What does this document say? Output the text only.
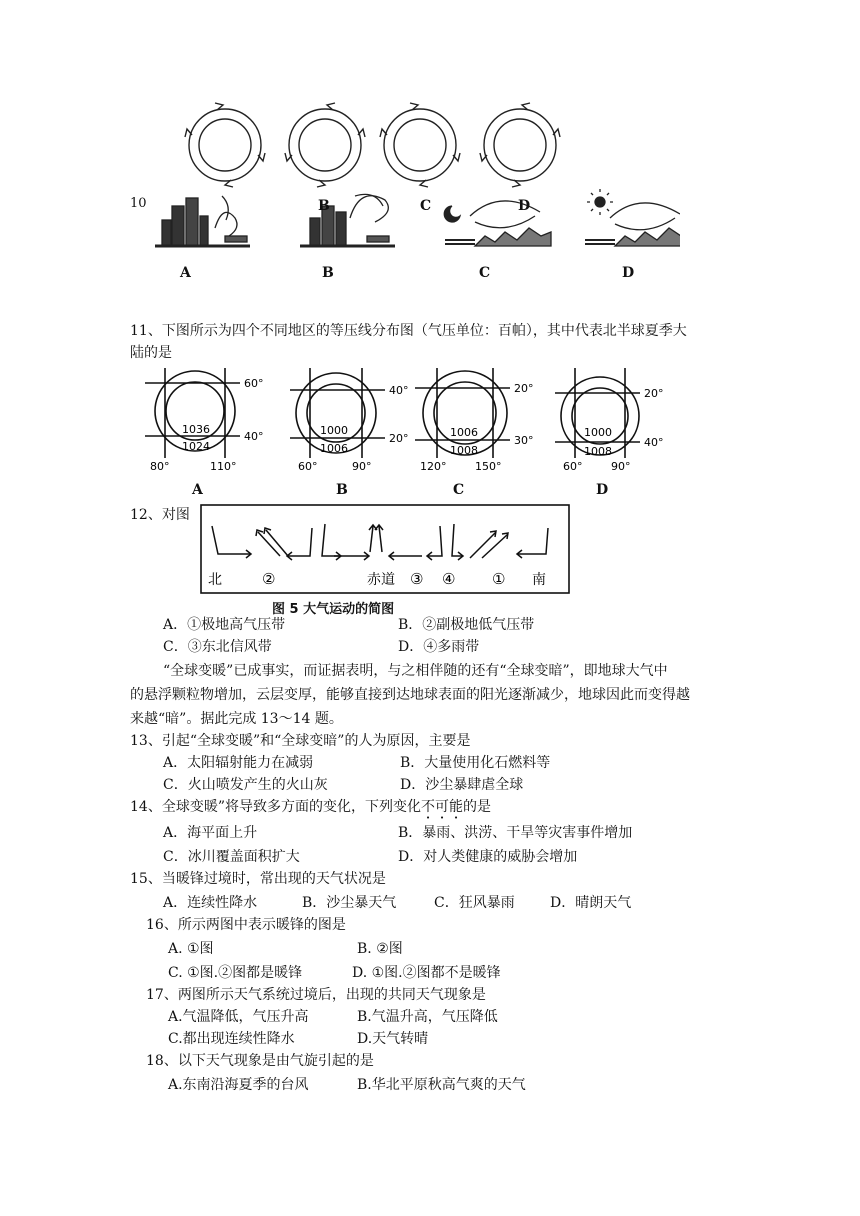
10	B	C	D
A	B	C	D
11、下图所示为四个不同地区的等压线分布图（气压单位：百帕），其中代表北半球夏季大
陆的是
60°
40°
1036
1024
80°	110°
40°
20°
1000
1006
60°	90°
20°
30°
1006
1008
120°	150°
20°
40°
1000
1008
60°	90°
A	B	C	D
12、对图
北	②	赤道 ③ ④ ① 南
图 5 大气运动的简图
A．①极地高气压带	B．②副极地低气压带
C．③东北信风带	D．④多雨带
“全球变暖”已成事实，而证据表明，与之相伴随的还有“全球变暗”，即地球大气中
的悬浮颗粒物增加，云层变厚，能够直接到达地球表面的阳光逐渐减少，地球因此而变得越
来越“暗”。据此完成 13～14 题。
13、引起“全球变暖”和“全球变暗”的人为原因，主要是
A．太阳辐射能力在减弱	B．大量使用化石燃料等
C．火山喷发产生的火山灰	D．沙尘暴肆虐全球
14、全球变暖”将导致多方面的变化，下列变化不可能的是
A．海平面上升	B．暴雨、洪涝、干旱等灾害事件增加
C．冰川覆盖面积扩大	D．对人类健康的威胁会增加
15、当暖锋过境时，常出现的天气状况是
A．连续性降水	B．沙尘暴天气	C．狂风暴雨	D．晴朗天气
16、所示两图中表示暖锋的图是
A. ①图	B. ②图
C. ①图.②图都是暖锋	D. ①图.②图都不是暖锋
17、两图所示天气系统过境后，出现的共同天气现象是
A.气温降低，气压升高	B.气温升高，气压降低
C.都出现连续性降水	D.天气转晴
18、以下天气现象是由气旋引起的是
A.东南沿海夏季的台风	B.华北平原秋高气爽的天气
